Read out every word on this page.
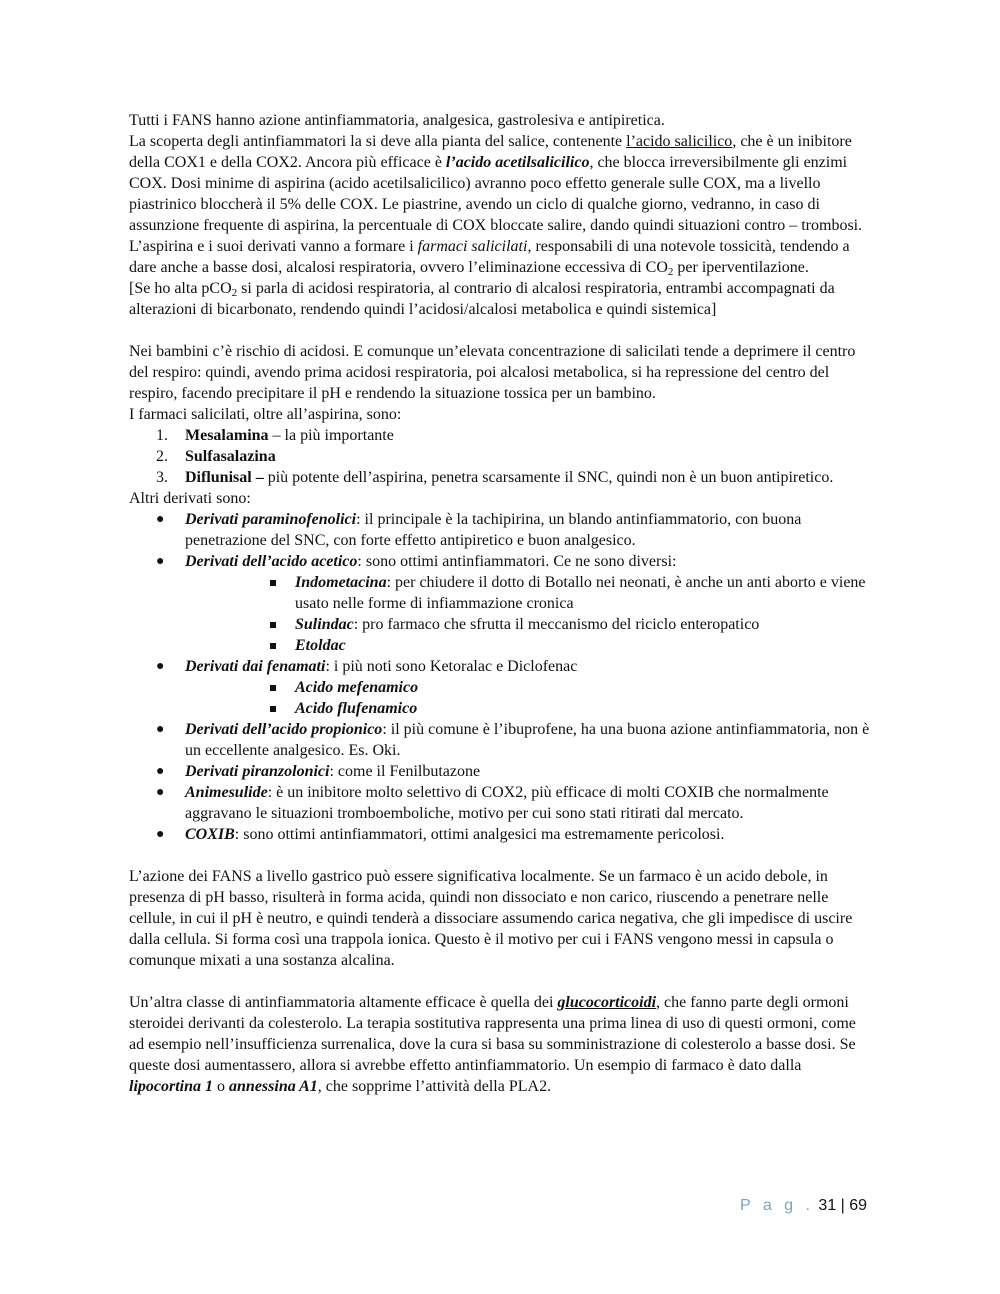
Tutti i FANS hanno azione antinfiammatoria, analgesica, gastrolesiva e antipiretica.

La scoperta degli antinfiammatori la si deve alla pianta del salice, contenente l’acido salicilico, che è un inibitore della COX1 e della COX2. Ancora più efficace è l’acido acetilsalicilico, che blocca irreversibilmente gli enzimi COX. Dosi minime di aspirina (acido acetilsalicilico) avranno poco effetto generale sulle COX, ma a livello piastrinico bloccherà il 5% delle COX. Le piastrine, avendo un ciclo di qualche giorno, vedranno, in caso di assunzione frequente di aspirina, la percentuale di COX bloccate salire, dando quindi situazioni contro – trombosi.

L’aspirina e i suoi derivati vanno a formare i farmaci salicilati, responsabili di una notevole tossicità, tendendo a dare anche a basse dosi, alcalosi respiratoria, ovvero l’eliminazione eccessiva di $CO_2$ per iperventilazione.

[Se ho alta pCO$_2$ si parla di acidosi respiratoria, al contrario di alcalosi respiratoria, entrambi accompagnati da alterazioni di bicarbonato, rendendo quindi l’acidosi/alcalosi metabolica e quindi sistemica]

Nei bambini c’è rischio di acidosi. E comunque un’elevata concentrazione di salicilati tende a deprimere il centro del respiro: quindi, avendo prima acidosi respiratoria, poi alcalosi metabolica, si ha repressione del centro del respiro, facendo precipitare il pH e rendendo la situazione tossica per un bambino.

I farmaci salicilati, oltre all’aspirina, sono:

1. Mesalamina – la più importante
2. Sulfasalazina
3. Diflunisal – più potente dell’aspirina, penetra scarsamente il SNC, quindi non è un buon antipiretico.

Altri derivati sono:

● Derivati paraminofenolici: il principale è la tachipirina, un blando antinfiammatorio, con buona penetrazione del SNC, con forte effetto antipiretico e buon analgesico.
● Derivati dell’acido acetico: sono ottimi antinfiammatori. Ce ne sono diversi:
Indometacina: per chiudere il dotto di Botallo nei neonati, è anche un anti aborto e viene usato nelle forme di infiammazione cronica
Sulindac: pro farmaco che sfrutta il meccanismo del riciclo enteropatico
Etoldac
● Derivati dai fenamati: i più noti sono Ketoralac e Diclofenac
Acido mefenamico
Acido flufenamico
● Derivati dell’acido propionico: il più comune è l’ibuprofene, ha una buona azione antinfiammatoria, non è un eccellente analgesico. Es. Oki.
● Derivati piranzolonici: come il Fenilbutazone
● Animesulide: è un inibitore molto selettivo di COX2, più efficace di molti COXIB che normalmente aggravano le situazioni tromboemboliche, motivo per cui sono stati ritirati dal mercato.
● COXIB: sono ottimi antinfiammatori, ottimi analgesici ma estremamente pericolosi.

L’azione dei FANS a livello gastrico può essere significativa localmente. Se un farmaco è un acido debole, in presenza di pH basso, risulterà in forma acida, quindi non dissociato e non carico, riuscendo a penetrare nelle cellule, in cui il pH è neutro, e quindi tenderà a dissociare assumendo carica negativa, che gli impedisce di uscire dalla cellula. Si forma così una trappola ionica. Questo è il motivo per cui i FANS vengono messi in capsula o comunque mixati a una sostanza alcalina.

Un’altra classe di antinfiammatoria altamente efficace è quella dei glucocorticoidi, che fanno parte degli ormoni steroidei derivanti da colesterolo. La terapia sostitutiva rappresenta una prima linea di uso di questi ormoni, come ad esempio nell’insufficienza surrenalica, dove la cura si basa su somministrazione di colesterolo a basse dosi. Se queste dosi aumentassero, allora si avrebbe effetto antinfiammatorio. Un esempio di farmaco è dato dalla lipocortina 1 o annessina A1, che sopprime l’attività della PLA2.

P a g . 31 | 69
